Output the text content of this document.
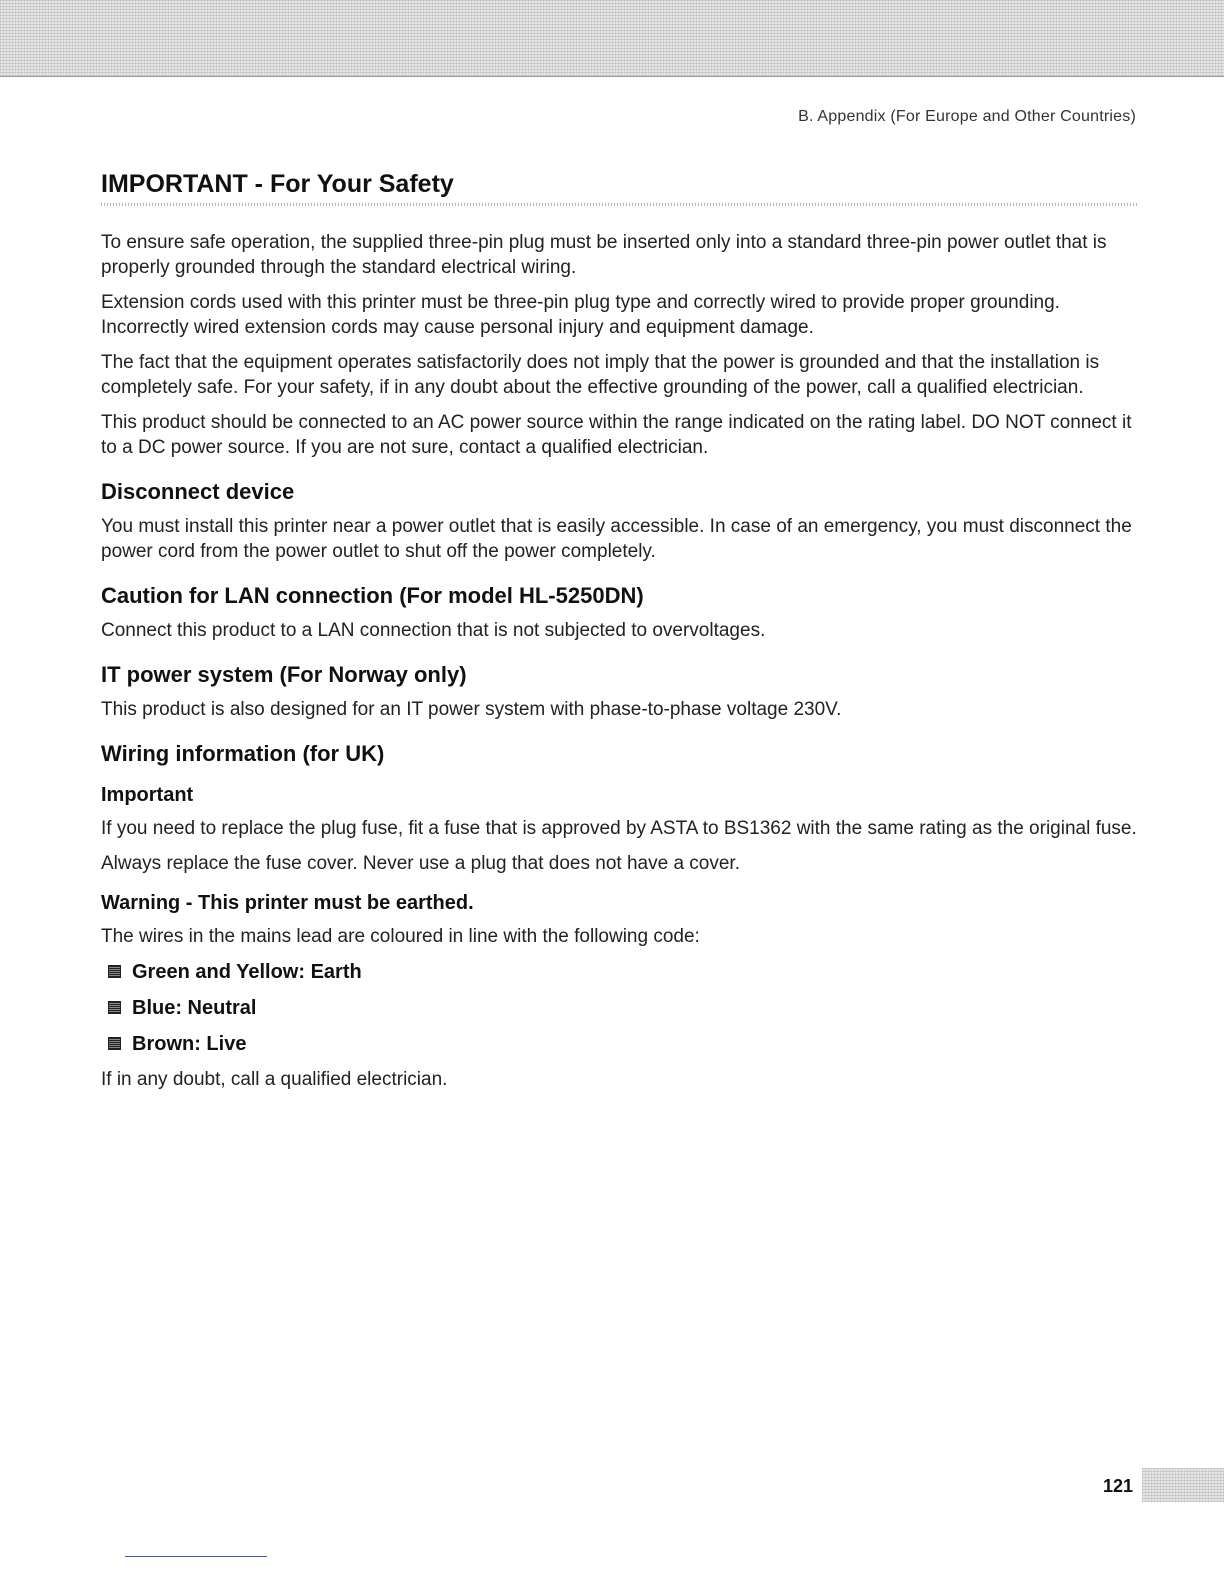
B. Appendix (For Europe and Other Countries)

IMPORTANT - For Your Safety

To ensure safe operation, the supplied three-pin plug must be inserted only into a standard three-pin power outlet that is properly grounded through the standard electrical wiring.

Extension cords used with this printer must be three-pin plug type and correctly wired to provide proper grounding. Incorrectly wired extension cords may cause personal injury and equipment damage.

The fact that the equipment operates satisfactorily does not imply that the power is grounded and that the installation is completely safe. For your safety, if in any doubt about the effective grounding of the power, call a qualified electrician.

This product should be connected to an AC power source within the range indicated on the rating label. DO NOT connect it to a DC power source. If you are not sure, contact a qualified electrician.

Disconnect device

You must install this printer near a power outlet that is easily accessible. In case of an emergency, you must disconnect the power cord from the power outlet to shut off the power completely.

Caution for LAN connection (For model HL-5250DN)

Connect this product to a LAN connection that is not subjected to overvoltages.

IT power system (For Norway only)

This product is also designed for an IT power system with phase-to-phase voltage 230V.

Wiring information (for UK)
Important

If you need to replace the plug fuse, fit a fuse that is approved by ASTA to BS1362 with the same rating as the original fuse.

Always replace the fuse cover. Never use a plug that does not have a cover.

Warning - This printer must be earthed.

The wires in the mains lead are coloured in line with the following code:

Green and Yellow: Earth
Blue: Neutral
Brown: Live

If in any doubt, call a qualified electrician.

121
